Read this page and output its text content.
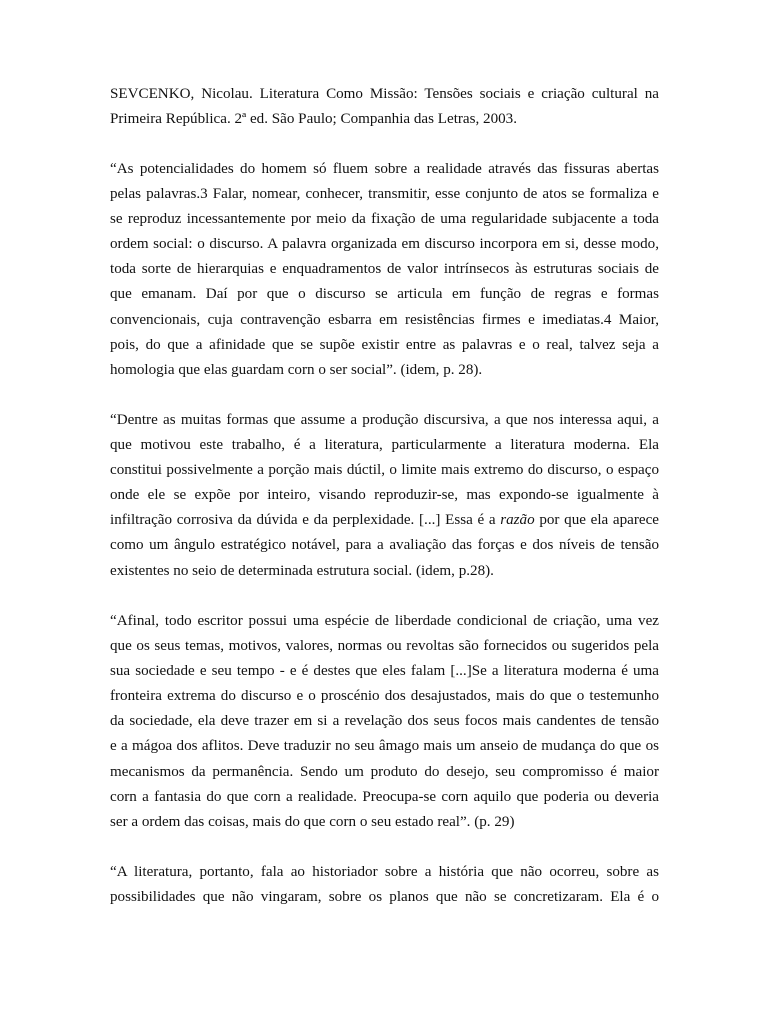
SEVCENKO, Nicolau. Literatura Como Missão: Tensões sociais e criação cultural na
Primeira República. 2ª ed. São Paulo; Companhia das Letras, 2003.
“As potencialidades do homem só fluem sobre a realidade através das fissuras abertas
pelas palavras.3 Falar, nomear, conhecer, transmitir, esse conjunto de atos se formaliza e
se reproduz incessantemente por meio da fixação de uma regularidade subjacente a toda
ordem social: o discurso. A palavra organizada em discurso incorpora em si, desse modo,
toda sorte de hierarquias e enquadramentos de valor intrínsecos às estruturas sociais de
que emanam. Daí por que o discurso se articula em função de regras e formas
convencionais, cuja contravenção esbarra em resistências firmes e imediatas.4 Maior,
pois, do que a afinidade que se supõe existir entre as palavras e o real, talvez seja a
homologia que elas guardam corn o ser social”. (idem, p. 28).
“Dentre as muitas formas que assume a produção discursiva, a que nos interessa aqui, a
que motivou este trabalho, é a literatura, particularmente a literatura moderna. Ela
constitui possivelmente a porção mais dúctil, o limite mais extremo do discurso, o espaço
onde ele se expõe por inteiro, visando reproduzir-se, mas expondo-se igualmente à
infiltração corrosiva da dúvida e da perplexidade. [...] Essa é a razão por que ela aparece
como um ângulo estratégico notável, para a avaliação das forças e dos níveis de tensão
existentes no seio de determinada estrutura social. (idem, p.28).
“Afinal, todo escritor possui uma espécie de liberdade condicional de criação, uma vez
que os seus temas, motivos, valores, normas ou revoltas são fornecidos ou sugeridos pela
sua sociedade e seu tempo - e é destes que eles falam [...]Se a literatura moderna é uma
fronteira extrema do discurso e o proscénio dos desajustados, mais do que o testemunho
da sociedade, ela deve trazer em si a revelação dos seus focos mais candentes de tensão
e a mágoa dos aflitos. Deve traduzir no seu âmago mais um anseio de mudança do que os
mecanismos da permanência. Sendo um produto do desejo, seu compromisso é maior
corn a fantasia do que corn a realidade. Preocupa-se corn aquilo que poderia ou deveria
ser a ordem das coisas, mais do que corn o seu estado real”. (p. 29)
“A literatura, portanto, fala ao historiador sobre a história que não ocorreu, sobre as
possibilidades que não vingaram, sobre os planos que não se concretizaram. Ela é o
